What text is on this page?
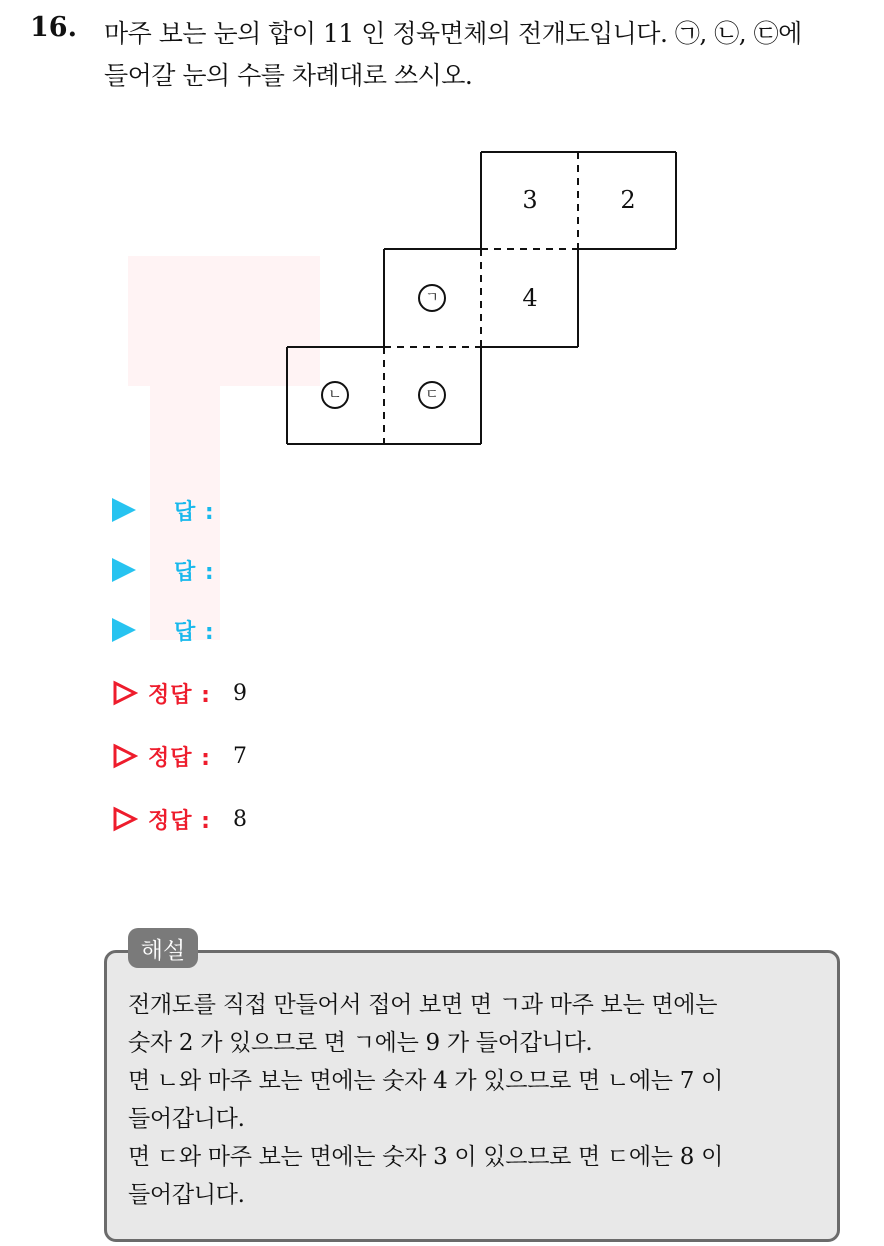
16. 마주 보는 눈의 합이 11 인 정육면체의 전개도입니다. ㉠, ㉡, ㉢에
들어갈 눈의 수를 차례대로 쓰시오.
3	2
4
ㄱ
ㄴ	ㄷ
답 :
답 :
답 :
정답 : 9
정답 : 7
정답 : 8
해설
전개도를 직접 만들어서 접어 보면 면 ㄱ과 마주 보는 면에는
숫자 2 가 있으므로 면 ㄱ에는 9 가 들어갑니다.
면 ㄴ와 마주 보는 면에는 숫자 4 가 있으므로 면 ㄴ에는 7 이
들어갑니다.
면 ㄷ와 마주 보는 면에는 숫자 3 이 있으므로 면 ㄷ에는 8 이
들어갑니다.
